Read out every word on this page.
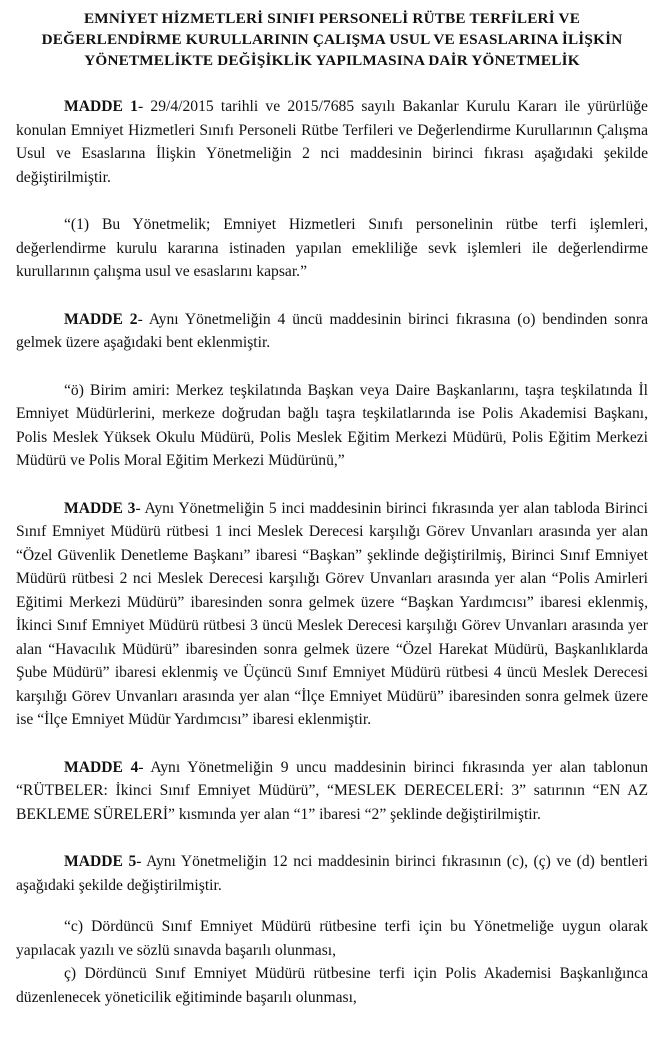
EMNİYET HİZMETLERİ SINIFI PERSONELİ RÜTBE TERFİLERİ VE
DEĞERLENDİRME KURULLARININ ÇALIŞMA USUL VE ESASLARINA İLİŞKİN
YÖNETMELİKTE DEĞİŞİKLİK YAPILMASINA DAİR YÖNETMELİK

MADDE 1- 29/4/2015 tarihli ve 2015/7685 sayılı Bakanlar Kurulu Kararı ile yürürlüğe konulan Emniyet Hizmetleri Sınıfı Personeli Rütbe Terfileri ve Değerlendirme Kurullarının Çalışma Usul ve Esaslarına İlişkin Yönetmeliğin 2 nci maddesinin birinci fıkrası aşağıdaki şekilde değiştirilmiştir.

“(1) Bu Yönetmelik; Emniyet Hizmetleri Sınıfı personelinin rütbe terfi işlemleri, değerlendirme kurulu kararına istinaden yapılan emekliliğe sevk işlemleri ile değerlendirme kurullarının çalışma usul ve esaslarını kapsar.”

MADDE 2- Aynı Yönetmeliğin 4 üncü maddesinin birinci fıkrasına (o) bendinden sonra gelmek üzere aşağıdaki bent eklenmiştir.

“ö) Birim amiri: Merkez teşkilatında Başkan veya Daire Başkanlarını, taşra teşkilatında İl Emniyet Müdürlerini, merkeze doğrudan bağlı taşra teşkilatlarında ise Polis Akademisi Başkanı, Polis Meslek Yüksek Okulu Müdürü, Polis Meslek Eğitim Merkezi Müdürü, Polis Eğitim Merkezi Müdürü ve Polis Moral Eğitim Merkezi Müdürünü,”

MADDE 3- Aynı Yönetmeliğin 5 inci maddesinin birinci fıkrasında yer alan tabloda Birinci Sınıf Emniyet Müdürü rütbesi 1 inci Meslek Derecesi karşılığı Görev Unvanları arasında yer alan “Özel Güvenlik Denetleme Başkanı” ibaresi “Başkan” şeklinde değiştirilmiş, Birinci Sınıf Emniyet Müdürü rütbesi 2 nci Meslek Derecesi karşılığı Görev Unvanları arasında yer alan “Polis Amirleri Eğitimi Merkezi Müdürü” ibaresinden sonra gelmek üzere “Başkan Yardımcısı” ibaresi eklenmiş, İkinci Sınıf Emniyet Müdürü rütbesi 3 üncü Meslek Derecesi karşılığı Görev Unvanları arasında yer alan “Havacılık Müdürü” ibaresinden sonra gelmek üzere “Özel Harekat Müdürü, Başkanlıklarda Şube Müdürü” ibaresi eklenmiş ve Üçüncü Sınıf Emniyet Müdürü rütbesi 4 üncü Meslek Derecesi karşılığı Görev Unvanları arasında yer alan “İlçe Emniyet Müdürü” ibaresinden sonra gelmek üzere ise “İlçe Emniyet Müdür Yardımcısı” ibaresi eklenmiştir.

MADDE 4- Aynı Yönetmeliğin 9 uncu maddesinin birinci fıkrasında yer alan tablonun “RÜTBELER: İkinci Sınıf Emniyet Müdürü”, “MESLEK DERECELERİ: 3” satırının “EN AZ BEKLEME SÜRELERİ” kısmında yer alan “1” ibaresi “2” şeklinde değiştirilmiştir.

MADDE 5- Aynı Yönetmeliğin 12 nci maddesinin birinci fıkrasının (c), (ç) ve (d) bentleri aşağıdaki şekilde değiştirilmiştir.

“c) Dördüncü Sınıf Emniyet Müdürü rütbesine terfi için bu Yönetmeliğe uygun olarak yapılacak yazılı ve sözlü sınavda başarılı olunması,

ç) Dördüncü Sınıf Emniyet Müdürü rütbesine terfi için Polis Akademisi Başkanlığınca düzenlenecek yöneticilik eğitiminde başarılı olunması,
